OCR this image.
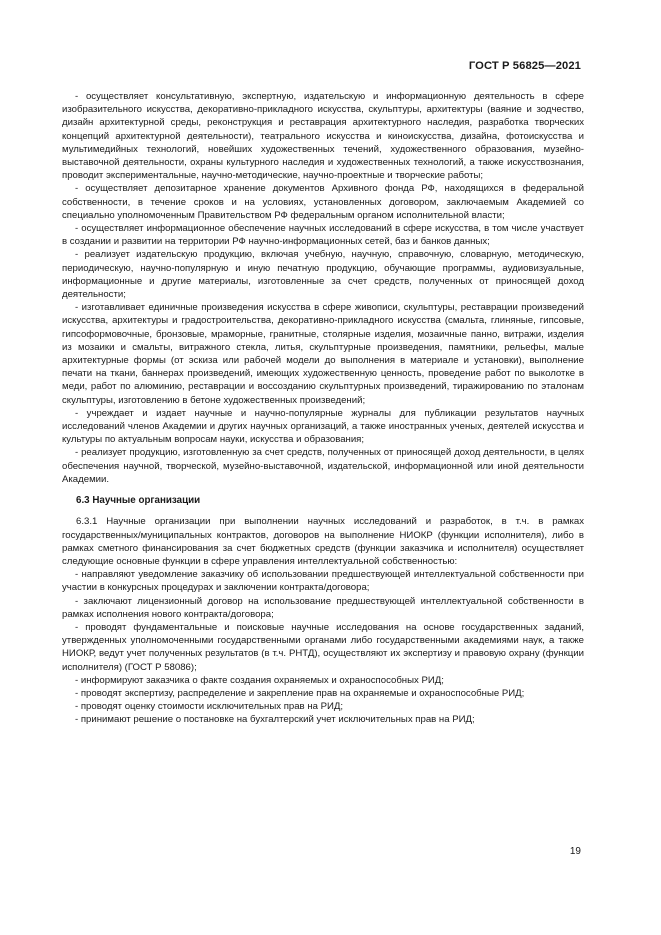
ГОСТ Р 56825—2021

- осуществляет консультативную, экспертную, издательскую и информационную деятельность в сфере изобразительного искусства, декоративно-прикладного искусства, скульптуры, архитектуры (ваяние и зодчество, дизайн архитектурной среды, реконструкция и реставрация архитектурного наследия, разработка творческих концепций архитектурной деятельности), театрального искусства и киноискусства, дизайна, фотоискусства и мультимедийных технологий, новейших художественных течений, художественного образования, музейно-выставочной деятельности, охраны культурного наследия и художественных технологий, а также искусствознания, проводит экспериментальные, научно-методические, научно-проектные и творческие работы;

- осуществляет депозитарное хранение документов Архивного фонда РФ, находящихся в федеральной собственности, в течение сроков и на условиях, установленных договором, заключаемым Академией со специально уполномоченным Правительством РФ федеральным органом исполнительной власти;

- осуществляет информационное обеспечение научных исследований в сфере искусства, в том числе участвует в создании и развитии на территории РФ научно-информационных сетей, баз и банков данных;

- реализует издательскую продукцию, включая учебную, научную, справочную, словарную, методическую, периодическую, научно-популярную и иную печатную продукцию, обучающие программы, аудиовизуальные, информационные и другие материалы, изготовленные за счет средств, полученных от приносящей доход деятельности;

- изготавливает единичные произведения искусства в сфере живописи, скульптуры, реставрации произведений искусства, архитектуры и градостроительства, декоративно-прикладного искусства (смальта, глиняные, гипсовые, гипсоформовочные, бронзовые, мраморные, гранитные, столярные изделия, мозаичные панно, витражи, изделия из мозаики и смальты, витражного стекла, литья, скульптурные произведения, памятники, рельефы, малые архитектурные формы (от эскиза или рабочей модели до выполнения в материале и установки), выполнение печати на ткани, баннерах произведений, имеющих художественную ценность, проведение работ по выколотке в меди, работ по алюминию, реставрации и воссозданию скульптурных произведений, тиражированию по эталонам скульптуры, изготовлению в бетоне художественных произведений;

- учреждает и издает научные и научно-популярные журналы для публикации результатов научных исследований членов Академии и других научных организаций, а также иностранных ученых, деятелей искусства и культуры по актуальным вопросам науки, искусства и образования;

- реализует продукцию, изготовленную за счет средств, полученных от приносящей доход деятельности, в целях обеспечения научной, творческой, музейно-выставочной, издательской, информационной или иной деятельности Академии.

6.3 Научные организации

6.3.1 Научные организации при выполнении научных исследований и разработок, в т.ч. в рамках государственных/муниципальных контрактов, договоров на выполнение НИОКР (функции исполнителя), либо в рамках сметного финансирования за счет бюджетных средств (функции заказчика и исполнителя) осуществляет следующие основные функции в сфере управления интеллектуальной собственностью:

- направляют уведомление заказчику об использовании предшествующей интеллектуальной собственности при участии в конкурсных процедурах и заключении контракта/договора;

- заключают лицензионный договор на использование предшествующей интеллектуальной собственности в рамках исполнения нового контракта/договора;

- проводят фундаментальные и поисковые научные исследования на основе государственных заданий, утвержденных уполномоченными государственными органами либо государственными академиями наук, а также НИОКР, ведут учет полученных результатов (в т.ч. РНТД), осуществляют их экспертизу и правовую охрану (функции исполнителя) (ГОСТ Р 58086);

- информируют заказчика о факте создания охраняемых и охраноспособных РИД;

- проводят экспертизу, распределение и закрепление прав на охраняемые и охраноспособные РИД;

- проводят оценку стоимости исключительных прав на РИД;

- принимают решение о постановке на бухгалтерский учет исключительных прав на РИД;

19
